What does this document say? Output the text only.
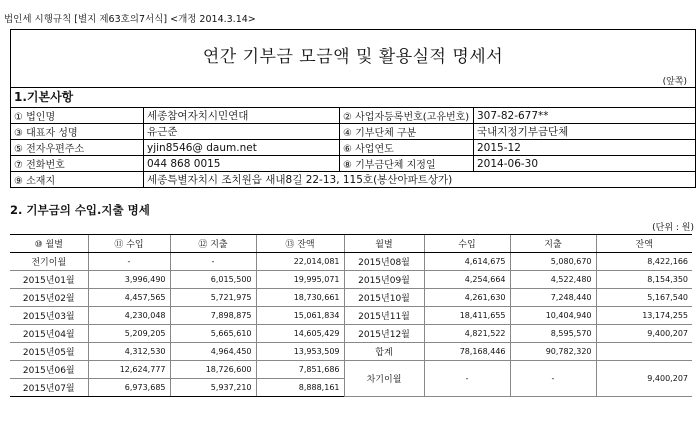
법인세 시행규칙 [별지 제63호의7서식] <개정 2014.3.14>
연간 기부금 모금액 및 활용실적 명세서
(앞쪽)
1.기본사항
① 법인명	세종참여자치시민연대	② 사업자등록번호(고유번호)	307-82-677**
③ 대표자 성명	유근준	④ 기부단체 구분	국내지정기부금단체
⑤ 전자우편주소	yjin8546@ daum.net	⑥ 사업연도	2015-12
⑦ 전화번호	044 868 0015	⑧ 기부금단체 지정일	2014-06-30
⑨ 소재지	세종특별자치시 조치원읍 새내8길 22-13, 115호(봉산아파트상가)		
2. 기부금의 수입.지출 명세
(단위 : 원)
⑩ 월별	⑪ 수입	⑫ 지출	⑬ 잔액	월별	수입	지출	잔액
전기이월	-	-	22,014,081	2015년08월	4,614,675	5,080,670	8,422,166
2015년01월	3,996,490	6,015,500	19,995,071	2015년09월	4,254,664	4,522,480	8,154,350
2015년02월	4,457,565	5,721,975	18,730,661	2015년10월	4,261,630	7,248,440	5,167,540
2015년03월	4,230,048	7,898,875	15,061,834	2015년11월	18,411,655	10,404,940	13,174,255
2015년04월	5,209,205	5,665,610	14,605,429	2015년12월	4,821,522	8,595,570	9,400,207
2015년05월	4,312,530	4,964,450	13,953,509	합계	78,168,446	90,782,320	
2015년06월	12,624,777	18,726,600	7,851,686	차기이월	-	-	9,400,207
2015년07월	6,973,685	5,937,210	8,888,161				
